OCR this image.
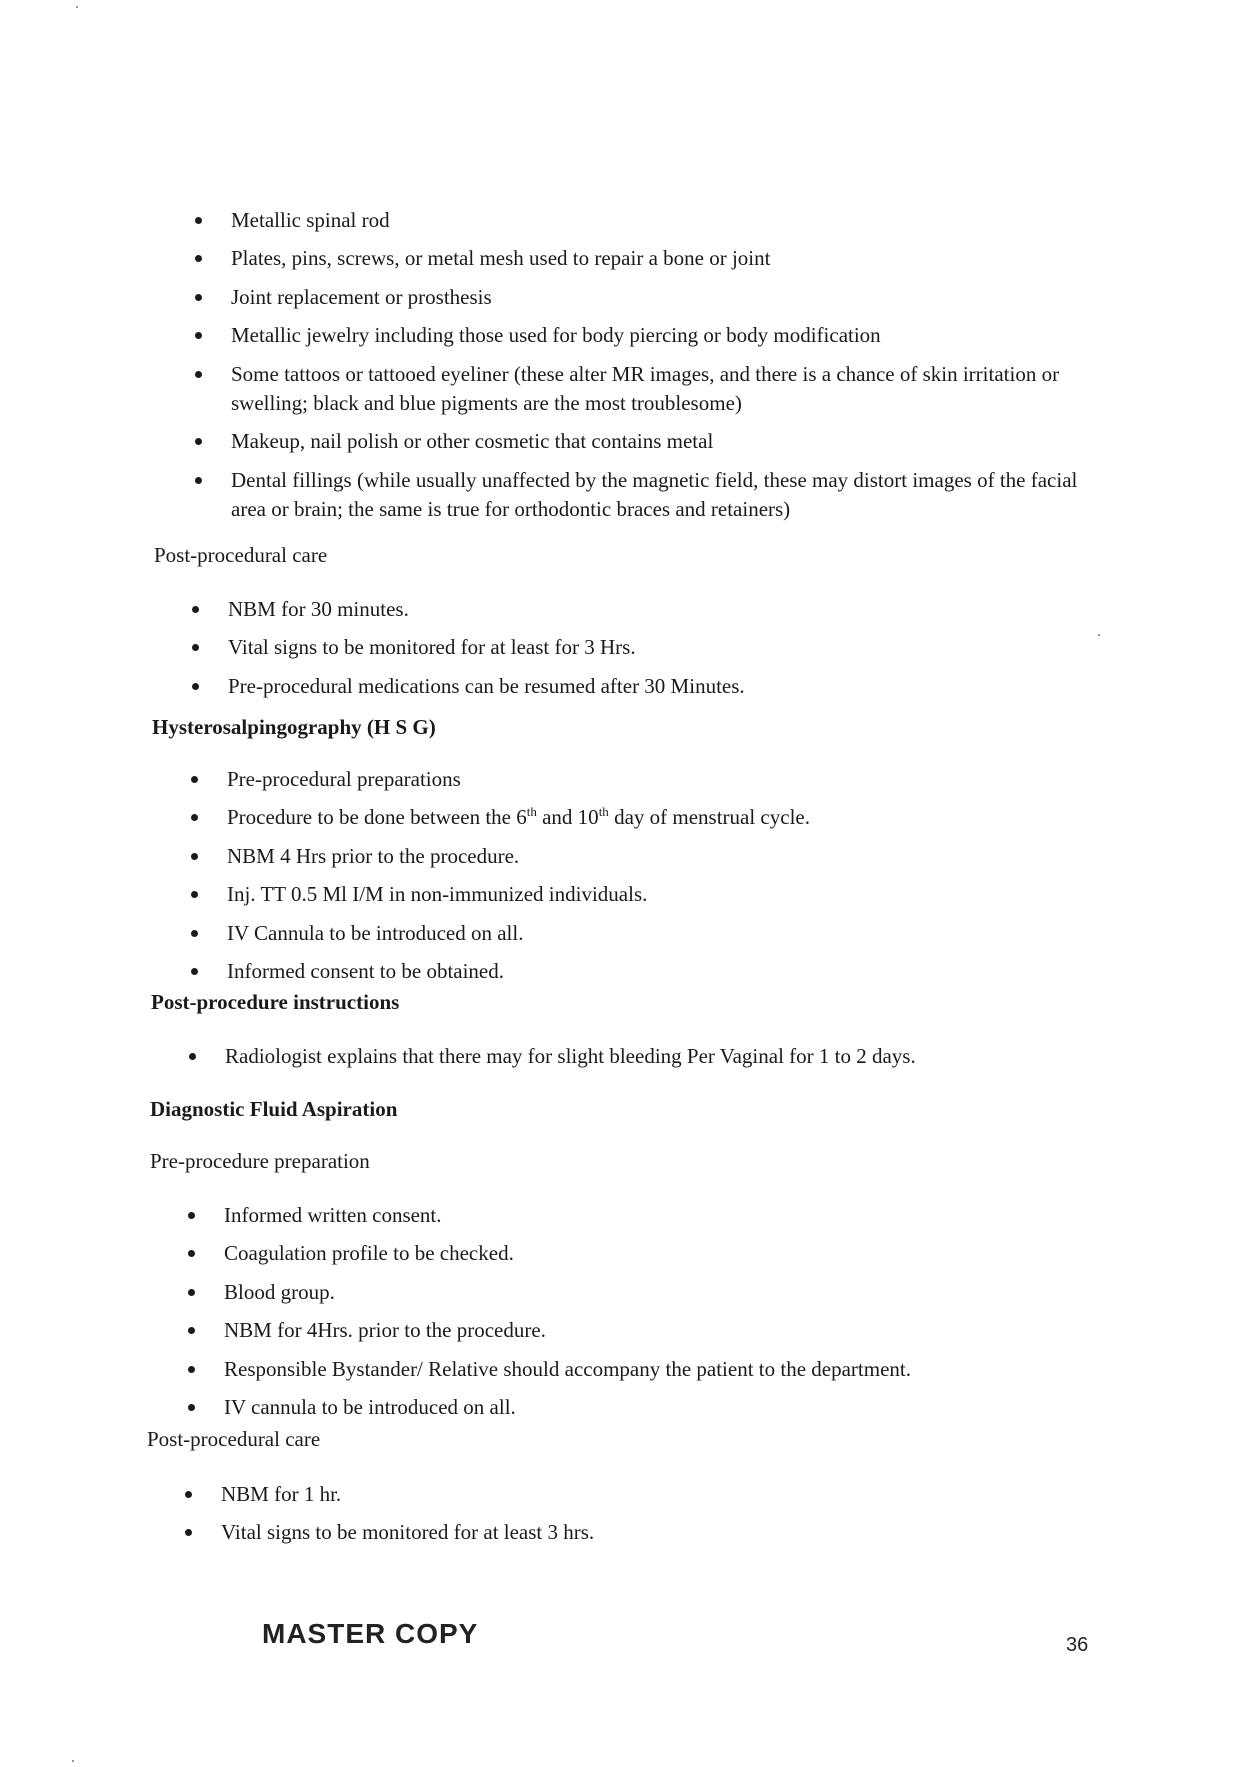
Metallic spinal rod
Plates, pins, screws, or metal mesh used to repair a bone or joint
Joint replacement or prosthesis
Metallic jewelry including those used for body piercing or body modification
Some tattoos or tattooed eyeliner (these alter MR images, and there is a chance of skin irritation or swelling; black and blue pigments are the most troublesome)
Makeup, nail polish or other cosmetic that contains metal
Dental fillings (while usually unaffected by the magnetic field, these may distort images of the facial area or brain; the same is true for orthodontic braces and retainers)
Post-procedural care
NBM for 30 minutes.
Vital signs to be monitored for at least for 3 Hrs.
Pre-procedural medications can be resumed after 30 Minutes.
Hysterosalpingography (H S G)
Pre-procedural preparations
Procedure to be done between the 6th and 10th day of menstrual cycle.
NBM 4 Hrs prior to the procedure.
Inj. TT 0.5 Ml I/M in non-immunized individuals.
IV Cannula to be introduced on all.
Informed consent to be obtained.
Post-procedure instructions
Radiologist explains that there may for slight bleeding Per Vaginal for 1 to 2 days.
Diagnostic Fluid Aspiration
Pre-procedure preparation
Informed written consent.
Coagulation profile to be checked.
Blood group.
NBM for 4Hrs. prior to the procedure.
Responsible Bystander/ Relative should accompany the patient to the department.
IV cannula to be introduced on all.
Post-procedural care
NBM for 1 hr.
Vital signs to be monitored for at least 3 hrs.
MASTER COPY	36
